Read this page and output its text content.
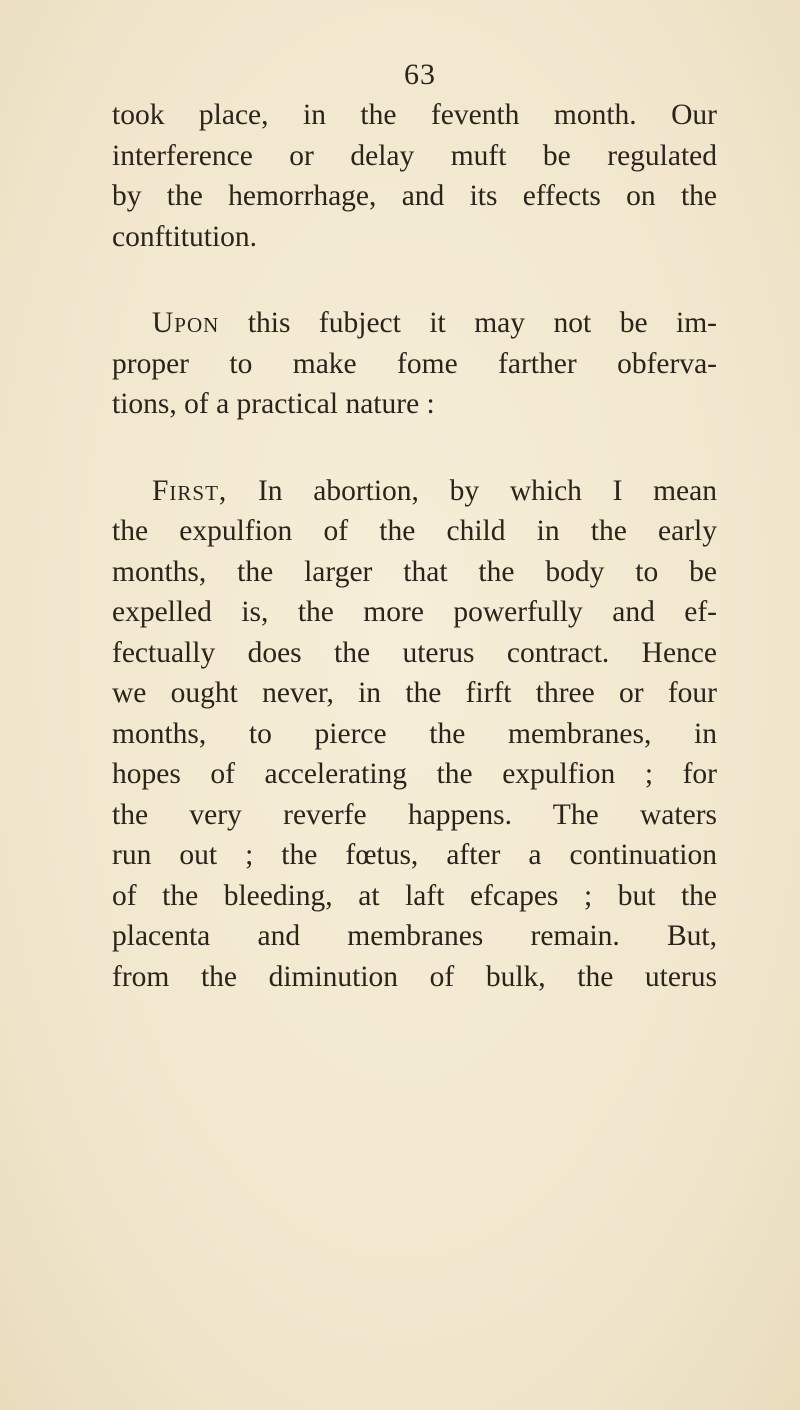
63
took place, in the feventh month. Our
interference or delay muft be regulated
by the hemorrhage, and its effects on the
conftitution.
Upon this fubject it may not be im-
proper to make fome farther obferva-
tions, of a practical nature :
First, In abortion, by which I mean
the expulfion of the child in the early
months, the larger that the body to be
expelled is, the more powerfully and ef-
fectually does the uterus contract. Hence
we ought never, in the firft three or four
months, to pierce the membranes, in
hopes of accelerating the expulfion ; for
the very reverfe happens. The waters
run out ; the fœtus, after a continuation
of the bleeding, at laft efcapes ; but the
placenta and membranes remain. But,
from the diminution of bulk, the uterus
